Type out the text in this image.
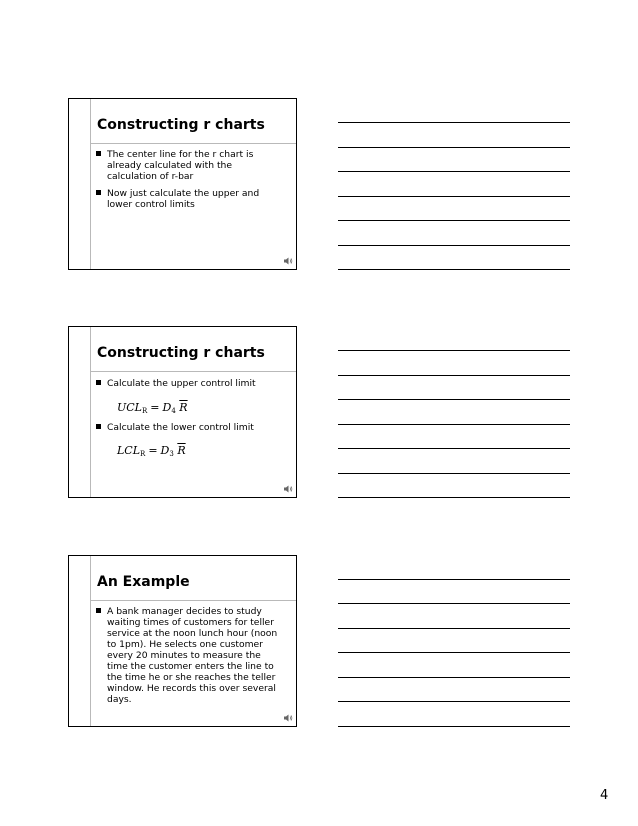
Constructing r charts
The center line for the r chart is already calculated with the calculation of r-bar
Now just calculate the upper and lower control limits
Constructing r charts
Calculate the upper control limit
Calculate the lower control limit
$UCL_R = D_4$ $\overline{R}$
$LCL_R = D_3$ $\overline{R}$
An Example
A bank manager decides to study waiting times of customers for teller service at the noon lunch hour (noon to 1pm). He selects one customer every 20 minutes to measure the time the customer enters the line to the time he or she reaches the teller window. He records this over several days.
4
